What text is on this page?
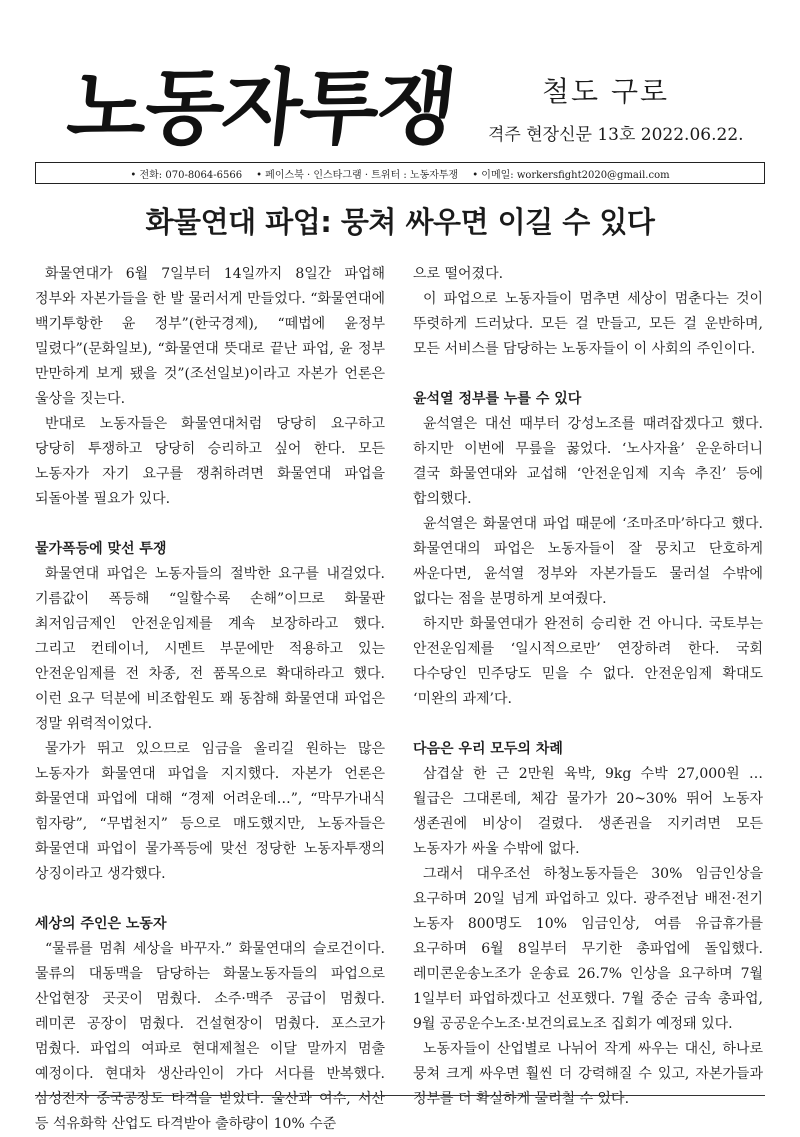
노동자투쟁	철도 구로
격주 현장신문 13호 2022.06.22.
• 전화: 070-8064-6566 • 페이스북 · 인스타그램 · 트위터 : 노동자투쟁 • 이메일: workersfight2020@gmail.com
화물연대 파업: 뭉쳐 싸우면 이길 수 있다

화물연대가 6월 7일부터 14일까지 8일간 파업해 정부와 자본가들을 한 발 물러서게 만들었다. “화물연대에 백기투항한 윤 정부”(한국경제), “떼법에 윤정부 밀렸다”(문화일보), “화물연대 뜻대로 끝난 파업, 윤 정부 만만하게 보게 됐을 것”(조선일보)이라고 자본가 언론은 울상을 짓는다.

반대로 노동자들은 화물연대처럼 당당히 요구하고 당당히 투쟁하고 당당히 승리하고 싶어 한다. 모든 노동자가 자기 요구를 쟁취하려면 화물연대 파업을 되돌아볼 필요가 있다.

물가폭등에 맞선 투쟁

화물연대 파업은 노동자들의 절박한 요구를 내걸었다. 기름값이 폭등해 “일할수록 손해”이므로 화물판 최저임금제인 안전운임제를 계속 보장하라고 했다. 그리고 컨테이너, 시멘트 부문에만 적용하고 있는 안전운임제를 전 차종, 전 품목으로 확대하라고 했다. 이런 요구 덕분에 비조합원도 꽤 동참해 화물연대 파업은 정말 위력적이었다.

물가가 뛰고 있으므로 임금을 올리길 원하는 많은 노동자가 화물연대 파업을 지지했다. 자본가 언론은 화물연대 파업에 대해 “경제 어려운데…”, “막무가내식 힘자랑”, “무법천지” 등으로 매도했지만, 노동자들은 화물연대 파업이 물가폭등에 맞선 정당한 노동자투쟁의 상징이라고 생각했다.

세상의 주인은 노동자

“물류를 멈춰 세상을 바꾸자.” 화물연대의 슬로건이다. 물류의 대동맥을 담당하는 화물노동자들의 파업으로 산업현장 곳곳이 멈췄다. 소주·맥주 공급이 멈췄다. 레미콘 공장이 멈췄다. 건설현장이 멈췄다. 포스코가 멈췄다. 파업의 여파로 현대제철은 이달 말까지 멈출 예정이다. 현대차 생산라인이 가다 서다를 반복했다. 삼성전자 중국공장도 타격을 받았다. 울산과 여수, 서산 등 석유화학 산업도 타격받아 출하량이 10% 수준

으로 떨어졌다.

이 파업으로 노동자들이 멈추면 세상이 멈춘다는 것이 뚜렷하게 드러났다. 모든 걸 만들고, 모든 걸 운반하며, 모든 서비스를 담당하는 노동자들이 이 사회의 주인이다.

윤석열 정부를 누를 수 있다

윤석열은 대선 때부터 강성노조를 때려잡겠다고 했다. 하지만 이번에 무릎을 꿇었다. ‘노사자율’ 운운하더니 결국 화물연대와 교섭해 ‘안전운임제 지속 추진’ 등에 합의했다.

윤석열은 화물연대 파업 때문에 ‘조마조마’하다고 했다. 화물연대의 파업은 노동자들이 잘 뭉치고 단호하게 싸운다면, 윤석열 정부와 자본가들도 물러설 수밖에 없다는 점을 분명하게 보여줬다.

하지만 화물연대가 완전히 승리한 건 아니다. 국토부는 안전운임제를 ‘일시적으로만’ 연장하려 한다. 국회 다수당인 민주당도 믿을 수 없다. 안전운임제 확대도 ‘미완의 과제’다.

다음은 우리 모두의 차례

삼겹살 한 근 2만원 육박, 9kg 수박 27,000원 … 월급은 그대론데, 체감 물가가 20~30% 뛰어 노동자 생존권에 비상이 걸렸다. 생존권을 지키려면 모든 노동자가 싸울 수밖에 없다.

그래서 대우조선 하청노동자들은 30% 임금인상을 요구하며 20일 넘게 파업하고 있다. 광주전남 배전·전기 노동자 800명도 10% 임금인상, 여름 유급휴가를 요구하며 6월 8일부터 무기한 총파업에 돌입했다. 레미콘운송노조가 운송료 26.7% 인상을 요구하며 7월 1일부터 파업하겠다고 선포했다. 7월 중순 금속 총파업, 9월 공공운수노조·보건의료노조 집회가 예정돼 있다.

노동자들이 산업별로 나뉘어 작게 싸우는 대신, 하나로 뭉쳐 크게 싸우면 훨씬 더 강력해질 수 있고, 자본가들과 정부를 더 확실하게 물리칠 수 있다.
